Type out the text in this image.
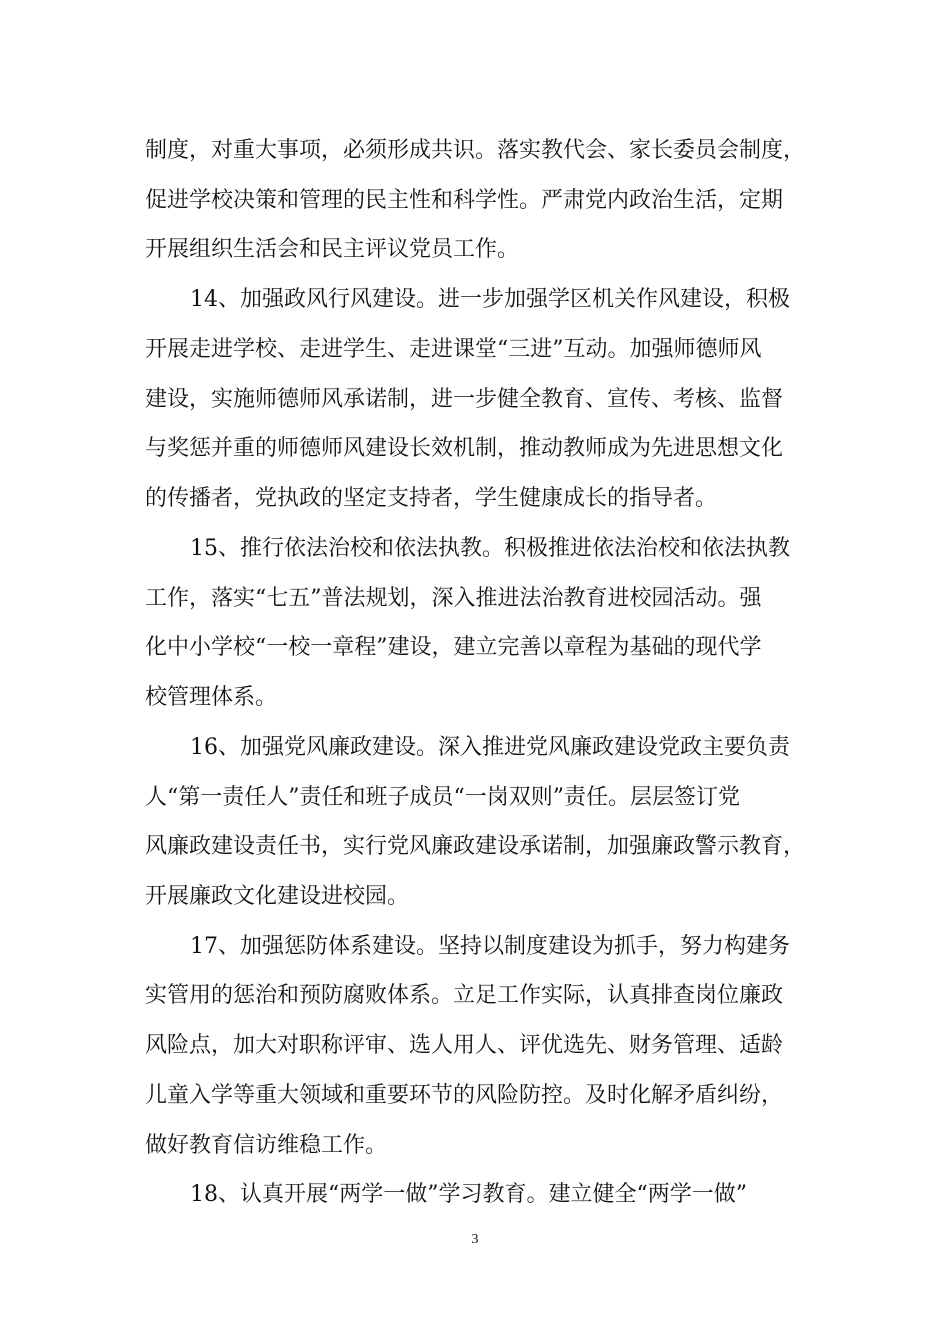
制度，对重大事项，必须形成共识。落实教代会、家长委员会制度，
促进学校决策和管理的民主性和科学性。严肃党内政治生活，定期
开展组织生活会和民主评议党员工作。
14、加强政风行风建设。进一步加强学区机关作风建设，积极
开展走进学校、走进学生、走进课堂“三进”互动。加强师德师风
建设，实施师德师风承诺制，进一步健全教育、宣传、考核、监督
与奖惩并重的师德师风建设长效机制，推动教师成为先进思想文化
的传播者，党执政的坚定支持者，学生健康成长的指导者。
15、推行依法治校和依法执教。积极推进依法治校和依法执教
工作，落实“七五”普法规划，深入推进法治教育进校园活动。强
化中小学校“一校一章程”建设，建立完善以章程为基础的现代学
校管理体系。
16、加强党风廉政建设。深入推进党风廉政建设党政主要负责
人“第一责任人”责任和班子成员“一岗双则”责任。层层签订党
风廉政建设责任书，实行党风廉政建设承诺制，加强廉政警示教育，
开展廉政文化建设进校园。
17、加强惩防体系建设。坚持以制度建设为抓手，努力构建务
实管用的惩治和预防腐败体系。立足工作实际，认真排查岗位廉政
风险点，加大对职称评审、选人用人、评优选先、财务管理、适龄
儿童入学等重大领域和重要环节的风险防控。及时化解矛盾纠纷，
做好教育信访维稳工作。
18、认真开展“两学一做”学习教育。建立健全“两学一做”
3
